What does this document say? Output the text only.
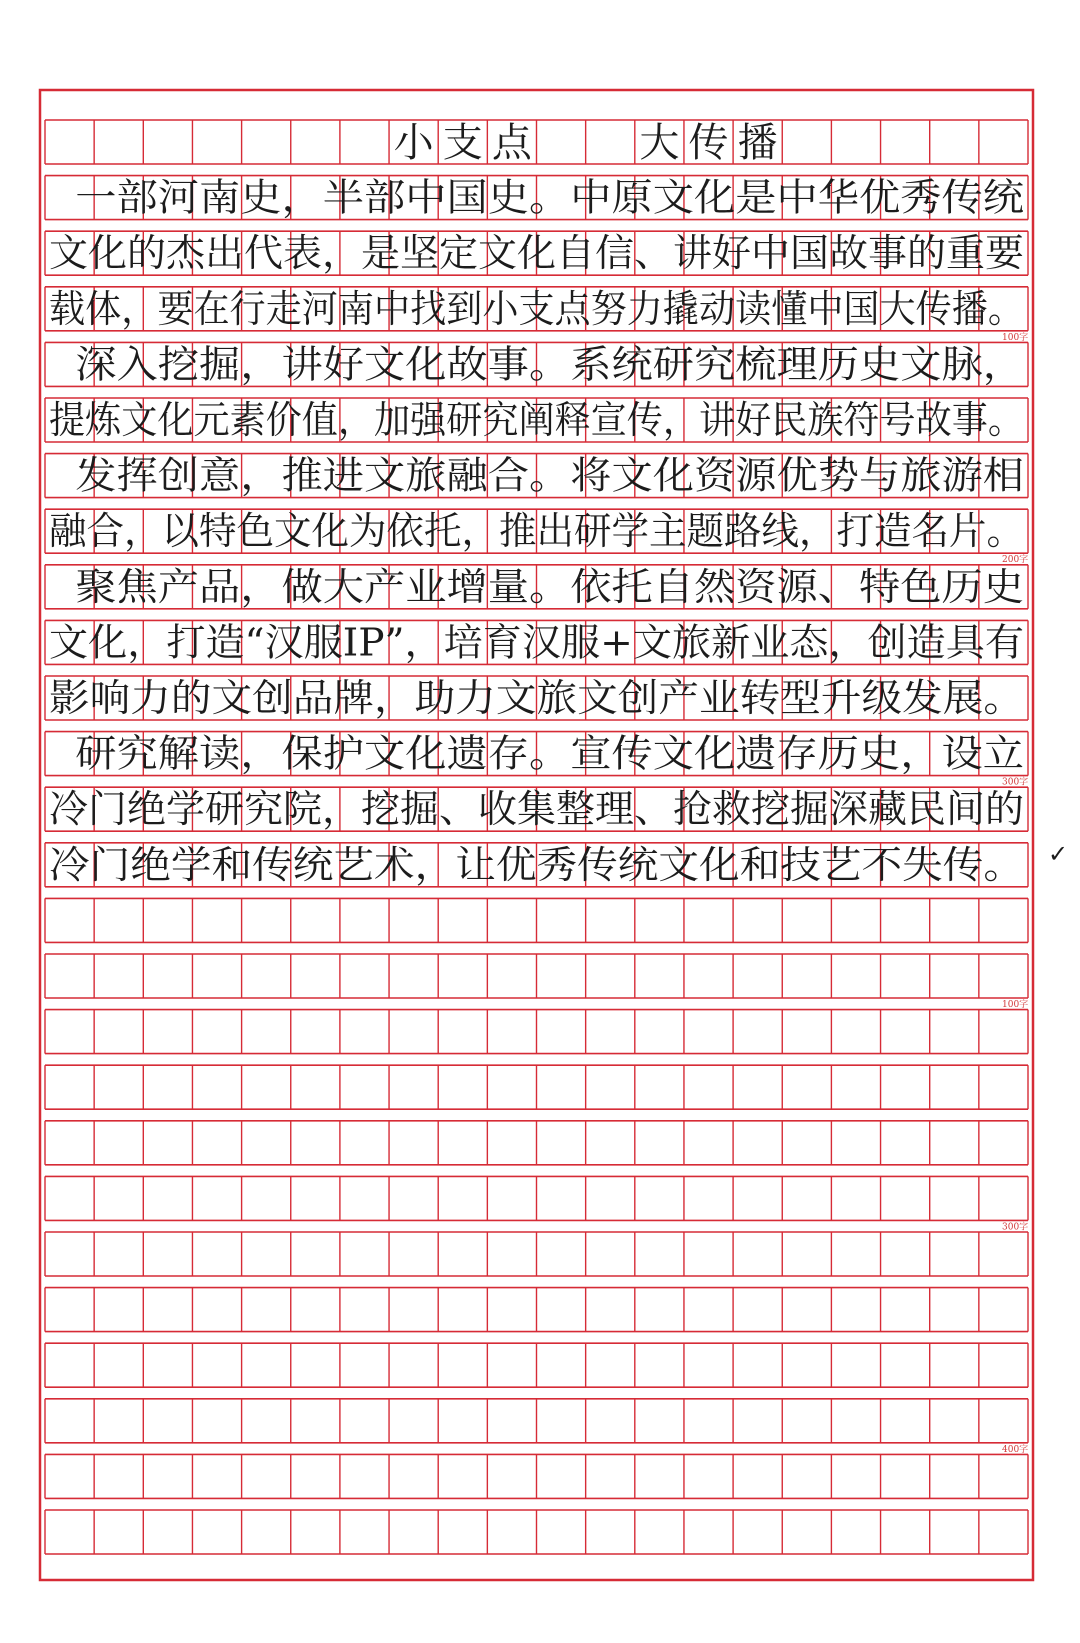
100字
200字
300字
100字
300字
400字
小 支 点	大 传 播
一部河南史，半部中国史。中原文化是中华优秀传统
文化的杰出代表，是坚定文化自信、讲好中国故事的重要
载体，要在行走河南中找到小支点努力撬动读懂中国大传播。
深入挖掘，讲好文化故事。系统研究梳理历史文脉，
提炼文化元素价值，加强研究阐释宣传，讲好民族符号故事。
发挥创意，推进文旅融合。将文化资源优势与旅游相
融合，以特色文化为依托，推出研学主题路线，打造名片。
聚焦产品，做大产业增量。依托自然资源、特色历史
文化，打造“汉服IP”，培育汉服+文旅新业态，创造具有
影响力的文创品牌，助力文旅文创产业转型升级发展。
研究解读，保护文化遗存。宣传文化遗存历史，设立
冷门绝学研究院，挖掘、收集整理、抢救挖掘深藏民间的
冷门绝学和传统艺术，让优秀传统文化和技艺不失传。 ✓
